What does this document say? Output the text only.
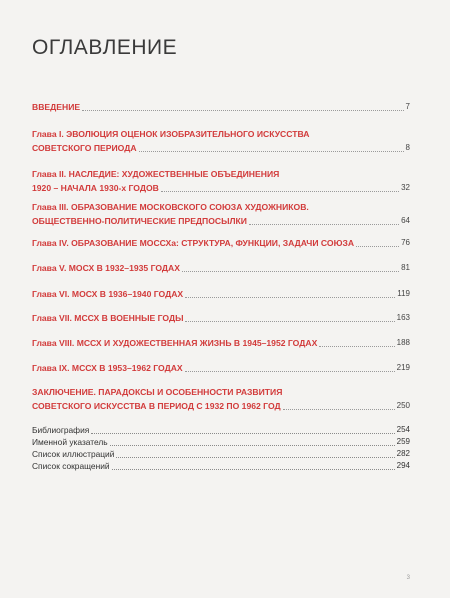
ОГЛАВЛЕНИЕ
ВВЕДЕНИЕ	7
Глава I. ЭВОЛЮЦИЯ ОЦЕНОК ИЗОБРАЗИТЕЛЬНОГО ИСКУССТВА
СОВЕТСКОГО ПЕРИОДА	8
Глава II. НАСЛЕДИЕ: ХУДОЖЕСТВЕННЫЕ ОБЪЕДИНЕНИЯ
1920 – НАЧАЛА 1930-х ГОДОВ	32
Глава III. ОБРАЗОВАНИЕ МОСКОВСКОГО СОЮЗА ХУДОЖНИКОВ.
ОБЩЕСТВЕННО-ПОЛИТИЧЕСКИЕ ПРЕДПОСЫЛКИ	64
Глава IV. ОБРАЗОВАНИЕ МОССХа: СТРУКТУРА, ФУНКЦИИ, ЗАДАЧИ СОЮЗА	76
Глава V. МОСХ В 1932–1935 ГОДАХ	81
Глава VI. МОСХ В 1936–1940 ГОДАХ	119
Глава VII. МССХ В ВОЕННЫЕ ГОДЫ	163
Глава VIII. МССХ И ХУДОЖЕСТВЕННАЯ ЖИЗНЬ В 1945–1952 ГОДАХ	188
Глава IX. МССХ В 1953–1962 ГОДАХ	219
ЗАКЛЮЧЕНИЕ. ПАРАДОКСЫ И ОСОБЕННОСТИ РАЗВИТИЯ
СОВЕТСКОГО ИСКУССТВА В ПЕРИОД С 1932 ПО 1962 ГОД	250
Библиография	254
Именной указатель	259
Список иллюстраций	282
Список сокращений	294
3
